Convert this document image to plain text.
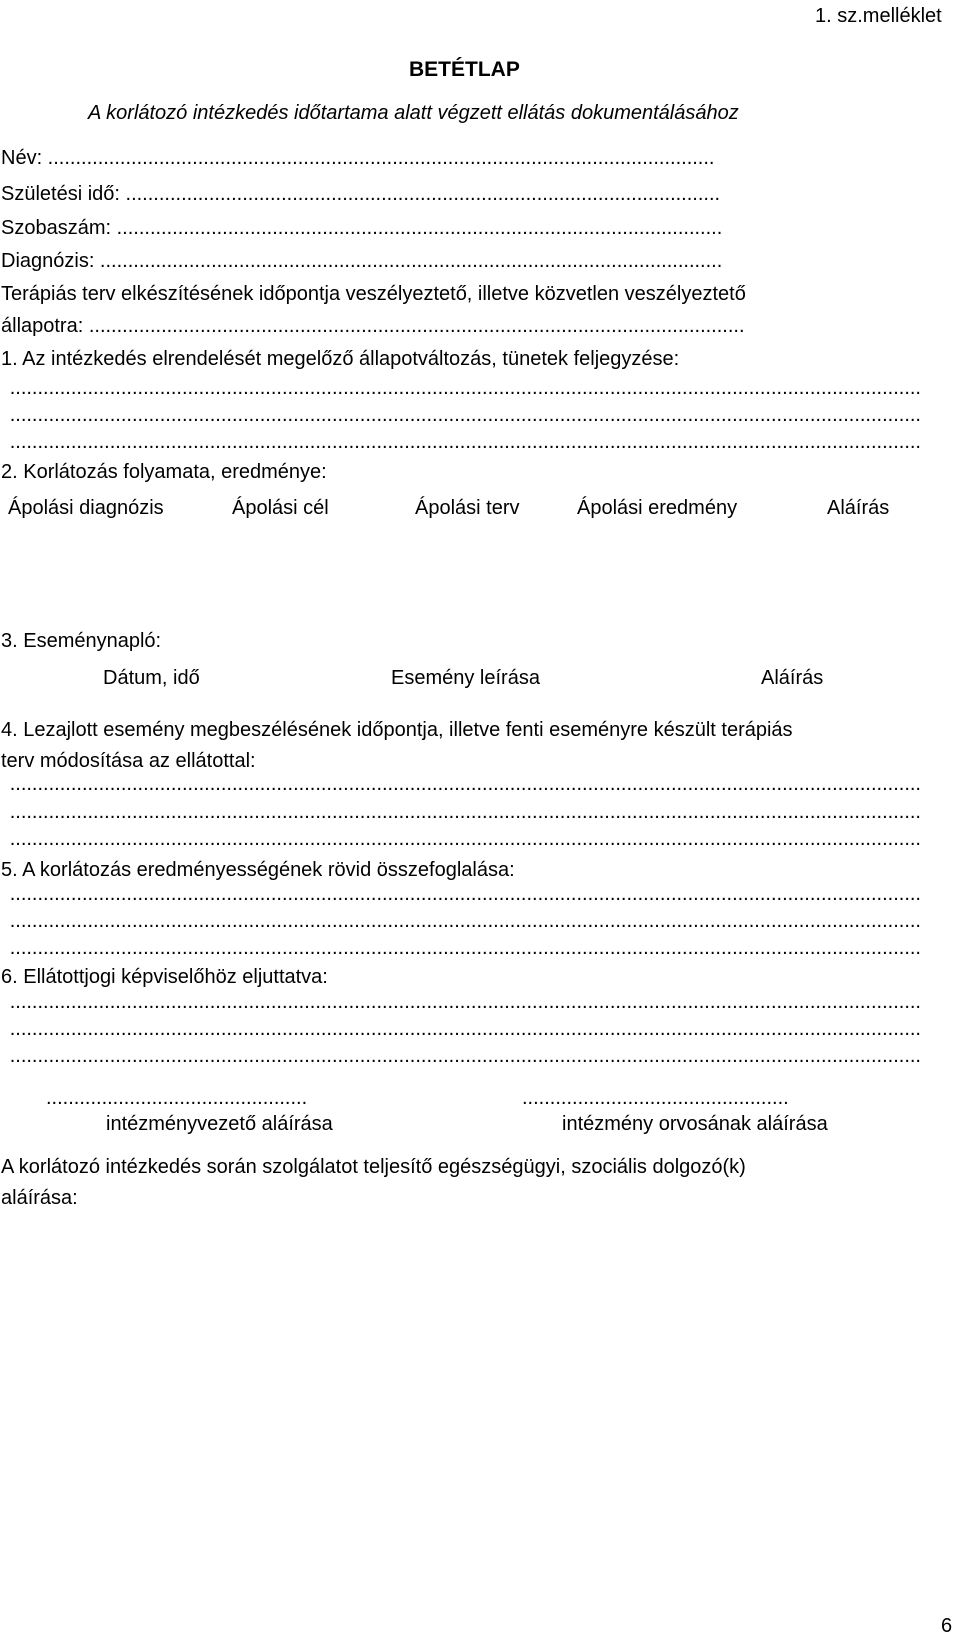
1. sz.melléklet
BETÉTLAP
A korlátozó intézkedés időtartama alatt végzett ellátás dokumentálásához
Név: ........................................................................................................................
Születési idő: ...........................................................................................................
Szobaszám: .............................................................................................................
Diagnózis: ................................................................................................................
Terápiás terv elkészítésének időpontja veszélyeztető, illetve közvetlen veszélyeztető
állapotra: ......................................................................................................................
1. Az intézkedés elrendelését megelőző állapotváltozás, tünetek feljegyzése:
....................................................................................................................................................................
....................................................................................................................................................................
....................................................................................................................................................................
2. Korlátozás folyamata, eredménye:
Ápolási diagnózis	Ápolási cél	Ápolási terv	Ápolási eredmény	Aláírás
3. Eseménynapló:
Dátum, idő	Esemény leírása	Aláírás
4. Lezajlott esemény megbeszélésének időpontja, illetve fenti eseményre készült terápiás
terv módosítása az ellátottal:
....................................................................................................................................................................
....................................................................................................................................................................
....................................................................................................................................................................
5. A korlátozás eredményességének rövid összefoglalása:
....................................................................................................................................................................
....................................................................................................................................................................
....................................................................................................................................................................
6. Ellátottjogi képviselőhöz eljuttatva:
....................................................................................................................................................................
....................................................................................................................................................................
....................................................................................................................................................................
...............................................	................................................
intézményvezető aláírása	intézmény orvosának aláírása
A korlátozó intézkedés során szolgálatot teljesítő egészségügyi, szociális dolgozó(k)
aláírása:
6
